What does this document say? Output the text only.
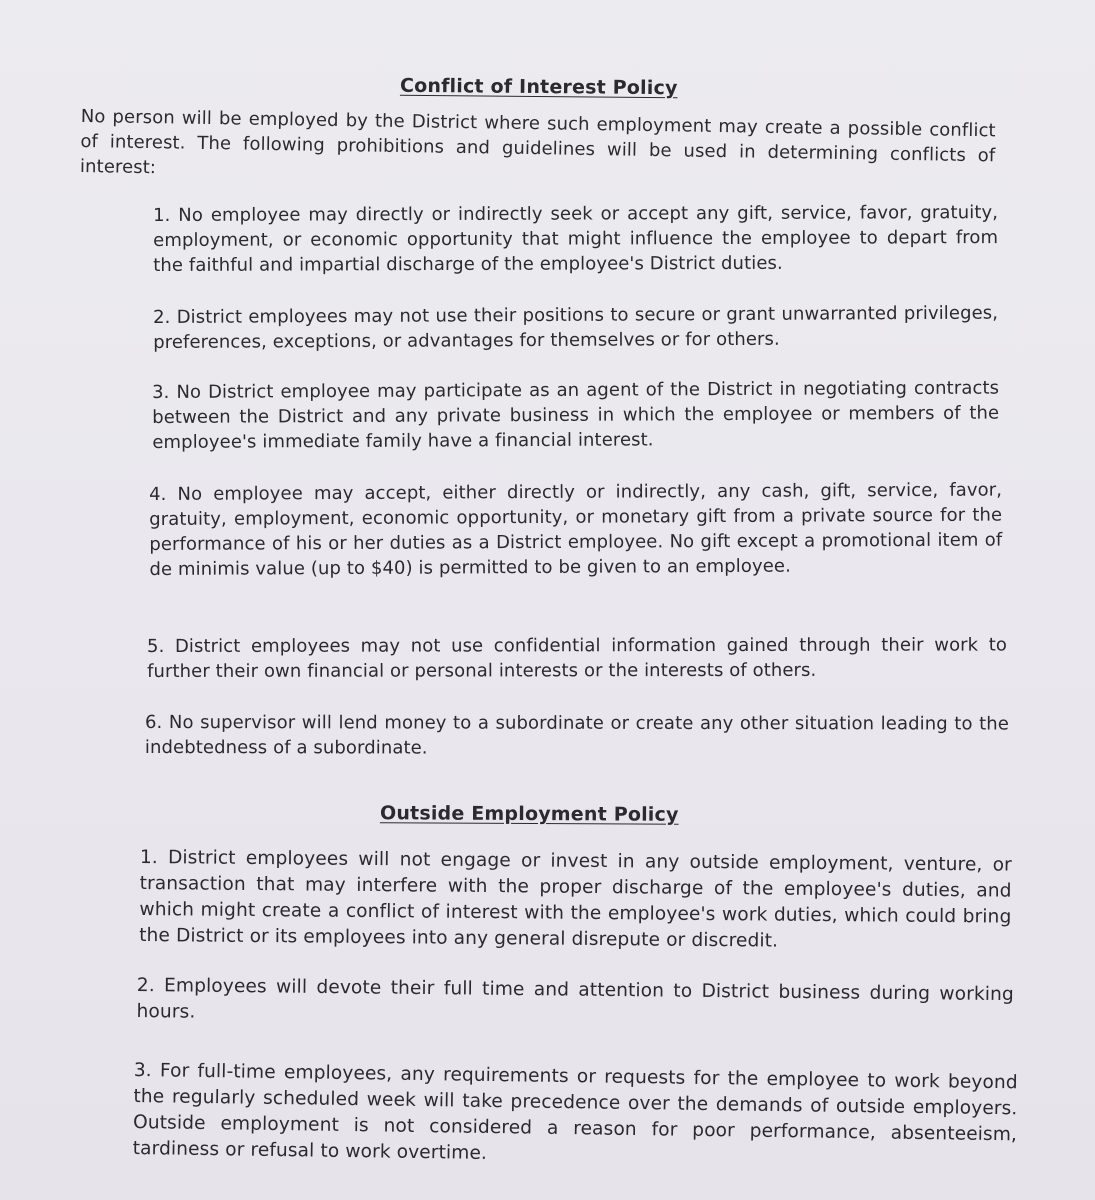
Conflict of Interest Policy
No person will be employed by the District where such employment may create a possible conflict of interest. The following prohibitions and guidelines will be used in determining conflicts of interest:
1. No employee may directly or indirectly seek or accept any gift, service, favor, gratuity, employment, or economic opportunity that might influence the employee to depart from the faithful and impartial discharge of the employee's District duties.
2. District employees may not use their positions to secure or grant unwarranted privileges, preferences, exceptions, or advantages for themselves or for others.
3. No District employee may participate as an agent of the District in negotiating contracts between the District and any private business in which the employee or members of the employee's immediate family have a financial interest.
4. No employee may accept, either directly or indirectly, any cash, gift, service, favor, gratuity, employment, economic opportunity, or monetary gift from a private source for the performance of his or her duties as a District employee. No gift except a promotional item of de minimis value (up to $40) is permitted to be given to an employee.
5. District employees may not use confidential information gained through their work to further their own financial or personal interests or the interests of others.
6. No supervisor will lend money to a subordinate or create any other situation leading to the indebtedness of a subordinate.
Outside Employment Policy
1. District employees will not engage or invest in any outside employment, venture, or transaction that may interfere with the proper discharge of the employee's duties, and which might create a conflict of interest with the employee's work duties, which could bring the District or its employees into any general disrepute or discredit.
2. Employees will devote their full time and attention to District business during working hours.
3. For full-time employees, any requirements or requests for the employee to work beyond the regularly scheduled week will take precedence over the demands of outside employers. Outside employment is not considered a reason for poor performance, absenteeism, tardiness or refusal to work overtime.
